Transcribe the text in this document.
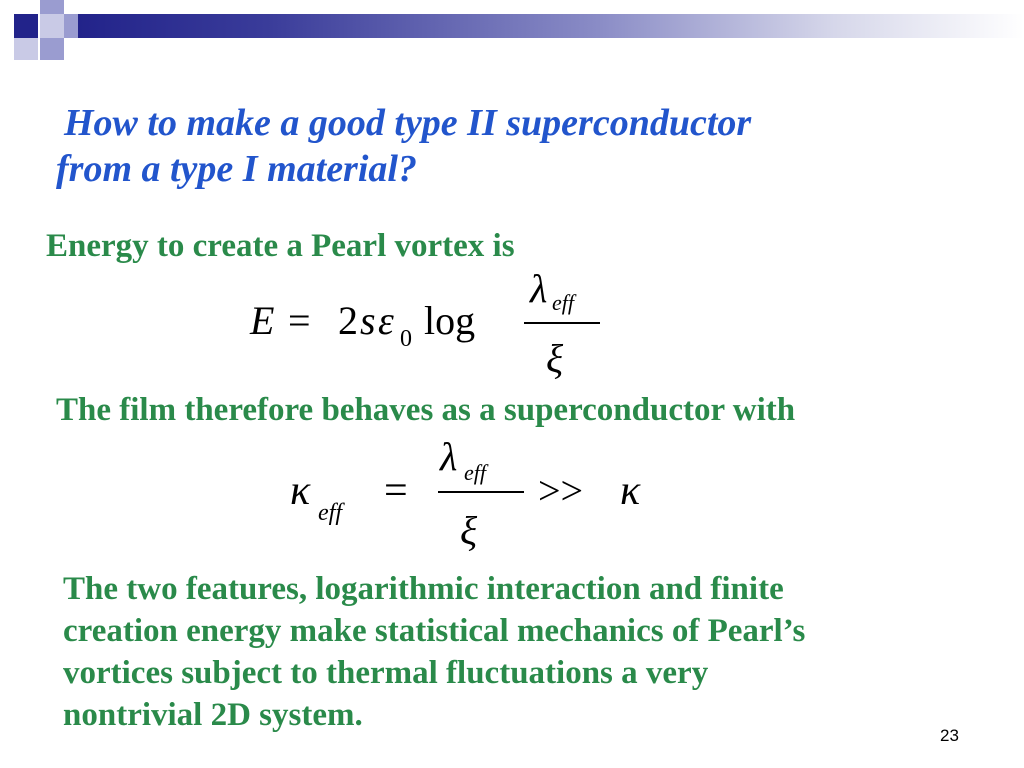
How to make a good type II superconductor
from a type I material?

Energy to create a Pearl vortex is

E = 2 s ε 0 log
λ eff
ξ

The film therefore behaves as a superconductor with

κ eff =
λ eff
ξ
>> κ

The two features, logarithmic interaction and finite
creation energy make statistical mechanics of Pearl’s
vortices subject to thermal fluctuations a very
nontrivial 2D system.

23
